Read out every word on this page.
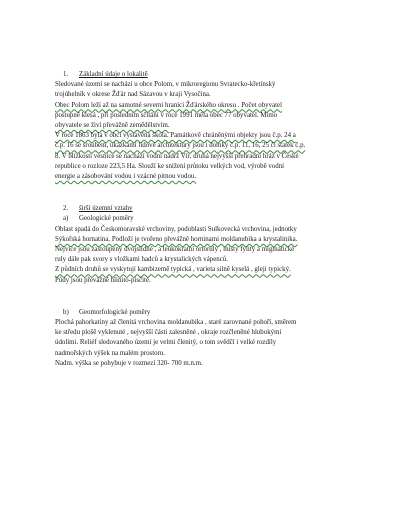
1.	Základní údaje o lokalitě
Sledované území se nachází u obce Polom, v mikroregionu Svratecko-křetínský
trojúhelník v okrese Žďár nad Sázavou v kraji Vysočina.
Obec Polom leží až na samotné severní hranici Žďárského okresu . Počet obyvatel
postupně klesá , při posledním sčítání v roce 1991 měla obec 77 obyvatel. Mimo
obyvatele se živí převážně zemědělstvím.
V roce 1863 byla v obci vystavěna škola. Památkově chráněnými objekty jsou č.p. 24 a
č.p. 16 se sroubem, ukázkami lidové architektury jsou i domky č.p. 11, 16, 25 či statek č.p.
8. V blízkosti vesnice se nachází vodní nádrž Vír, druhá nejvyšší přehradní hráz v České
republice o rozloze 223,5 Ha. Slouží ke snížení průtoku velkých vod, výrobě vodní
energie a zásobování vodou i vzácné pitnou vodou.
2.	širší územní vztahy
a)	Geologické poměry
Oblast spadá do Českomoravské vrchoviny, podoblasti Sulkovecká vrchovina, jednotky
Sýkořská hornatina. Podloží je tvořeno převážně horninami moldanubika a krystalinika.
Nejvíce jsou zastoupeny dvojslídné , a leukokratní ortoruly , místy fylity a migmatické
ruly dále pak svory s vložkami hadců a krystalických vápenců.
Z půdních druhů se vyskytují kambizemě typická , varieta silně kyselá , gleji typický.
Půdy jsou převážně hlinito-písčité.
b)	Geomorfologické poměry
Plochá pahorkatiny až členitá vrchovina moldanubika , staré zarovnané pohoří, směrem
ke středu plošě vyklenuté , nejvyšší části zalesněné , okraje rozčleněné hlubokými
údolími. Reliéf sledovaného území je velmi členitý, o tom svědčí i velké rozdíly
nadmořských výšek na malém prostoru.
Nadm. výška se pohybuje v rozmezí 320- 700 m.n.m.
